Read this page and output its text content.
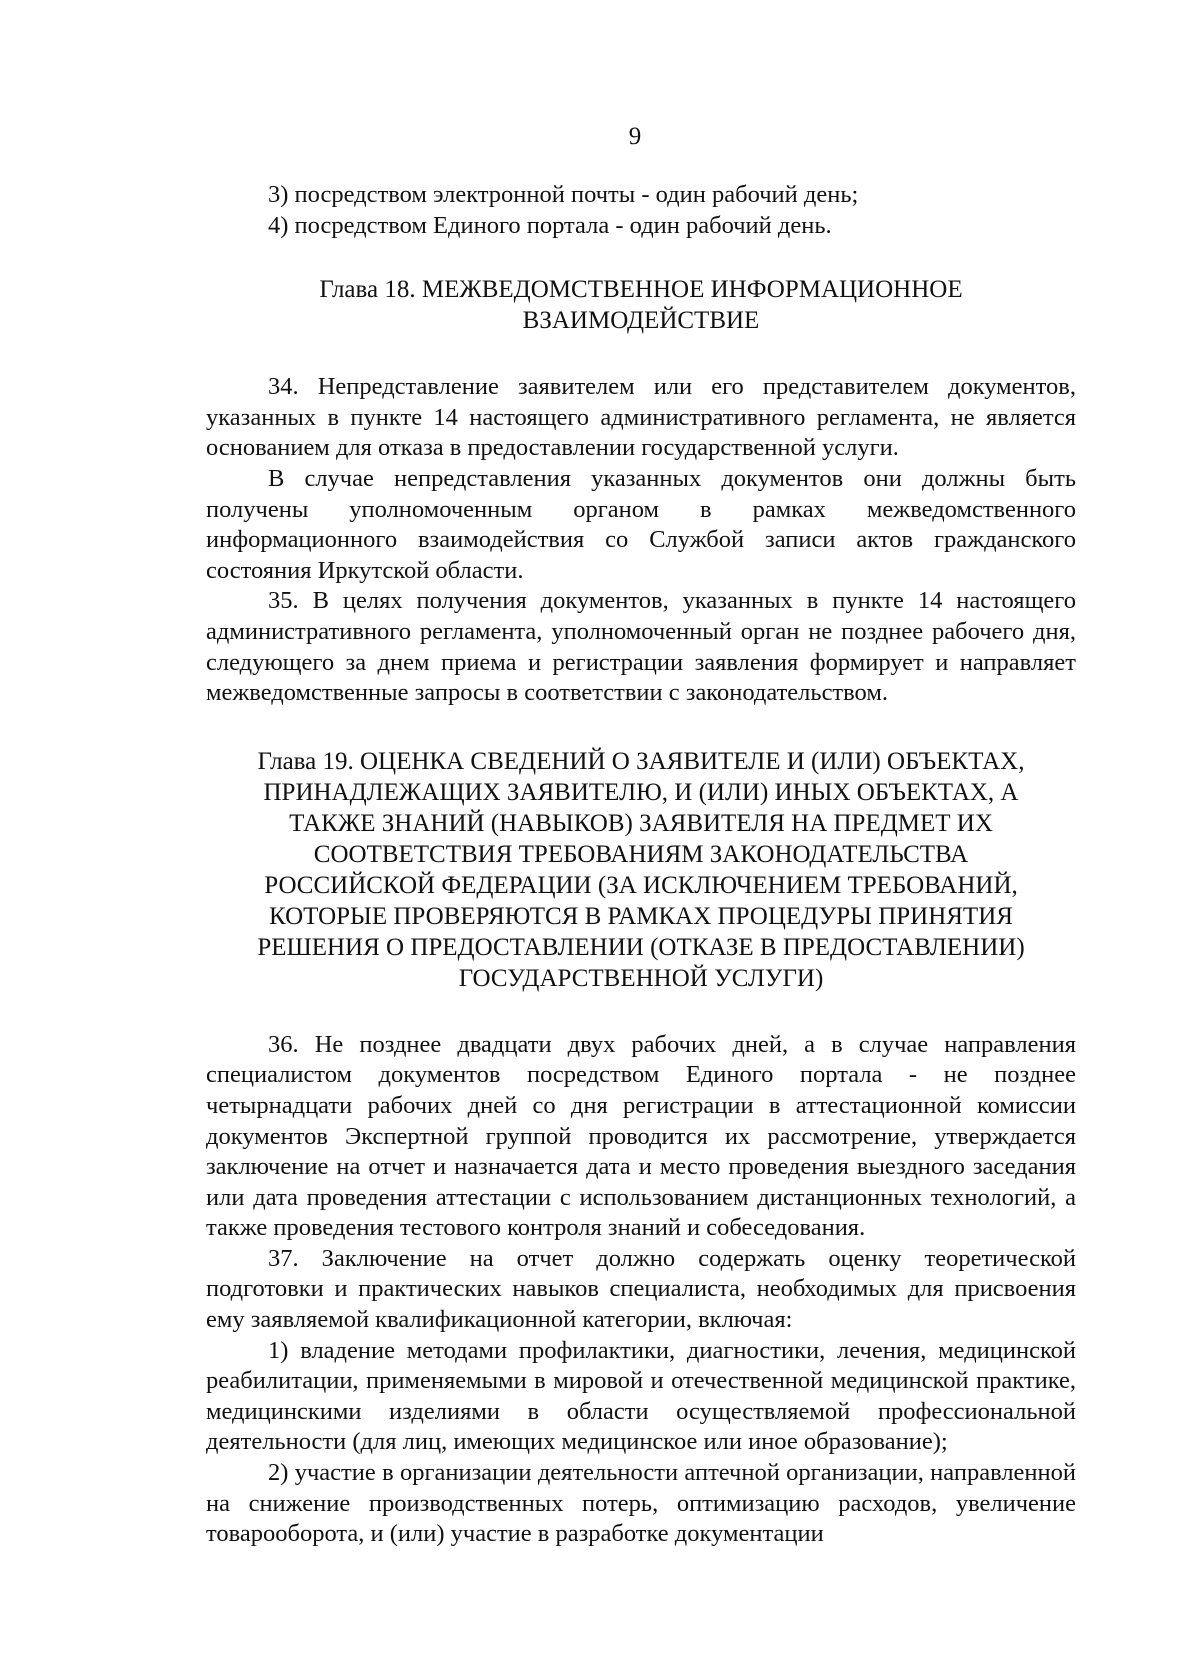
9

3) посредством электронной почты - один рабочий день;

4) посредством Единого портала - один рабочий день.

Глава 18. МЕЖВЕДОМСТВЕННОЕ ИНФОРМАЦИОННОЕ
ВЗАИМОДЕЙСТВИЕ

34. Непредставление заявителем или его представителем документов, указанных в пункте 14 настоящего административного регламента, не является основанием для отказа в предоставлении государственной услуги.

В случае непредставления указанных документов они должны быть получены уполномоченным органом в рамках межведомственного информационного взаимодействия со Службой записи актов гражданского состояния Иркутской области.

35. В целях получения документов, указанных в пункте 14 настоящего административного регламента, уполномоченный орган не позднее рабочего дня, следующего за днем приема и регистрации заявления формирует и направляет межведомственные запросы в соответствии с законодательством.

Глава 19. ОЦЕНКА СВЕДЕНИЙ О ЗАЯВИТЕЛЕ И (ИЛИ) ОБЪЕКТАХ,
ПРИНАДЛЕЖАЩИХ ЗАЯВИТЕЛЮ, И (ИЛИ) ИНЫХ ОБЪЕКТАХ, А
ТАКЖЕ ЗНАНИЙ (НАВЫКОВ) ЗАЯВИТЕЛЯ НА ПРЕДМЕТ ИХ
СООТВЕТСТВИЯ ТРЕБОВАНИЯМ ЗАКОНОДАТЕЛЬСТВА
РОССИЙСКОЙ ФЕДЕРАЦИИ (ЗА ИСКЛЮЧЕНИЕМ ТРЕБОВАНИЙ,
КОТОРЫЕ ПРОВЕРЯЮТСЯ В РАМКАХ ПРОЦЕДУРЫ ПРИНЯТИЯ
РЕШЕНИЯ О ПРЕДОСТАВЛЕНИИ (ОТКАЗЕ В ПРЕДОСТАВЛЕНИИ)
ГОСУДАРСТВЕННОЙ УСЛУГИ)

36. Не позднее двадцати двух рабочих дней, а в случае направления специалистом документов посредством Единого портала - не позднее четырнадцати рабочих дней со дня регистрации в аттестационной комиссии документов Экспертной группой проводится их рассмотрение, утверждается заключение на отчет и назначается дата и место проведения выездного заседания или дата проведения аттестации с использованием дистанционных технологий, а также проведения тестового контроля знаний и собеседования.

37. Заключение на отчет должно содержать оценку теоретической подготовки и практических навыков специалиста, необходимых для присвоения ему заявляемой квалификационной категории, включая:

1) владение методами профилактики, диагностики, лечения, медицинской реабилитации, применяемыми в мировой и отечественной медицинской практике, медицинскими изделиями в области осуществляемой профессиональной деятельности (для лиц, имеющих медицинское или иное образование);

2) участие в организации деятельности аптечной организации, направленной на снижение производственных потерь, оптимизацию расходов, увеличение товарооборота, и (или) участие в разработке документации
